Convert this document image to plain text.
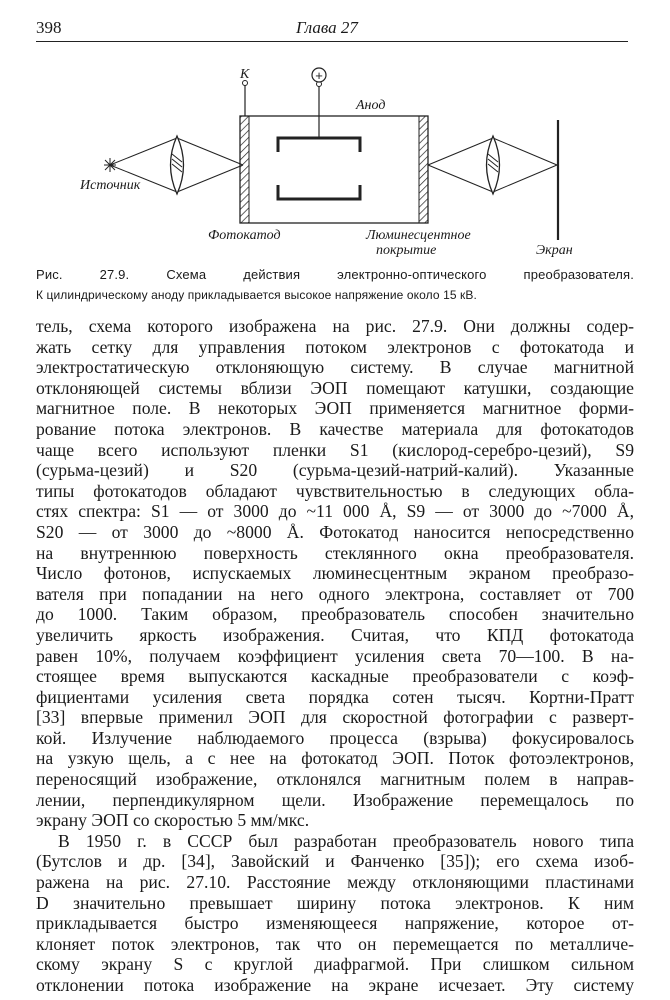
398	Глава 27
+
К
Анод
Источник
Фотокатод	Люминесцентное
покрытие	Экран
Рис. 27.9. Схема действия электронно-оптического преобразователя.
К цилиндрическому аноду прикладывается высокое напряжение около 15 кВ.
тель, схема которого изображена на рис. 27.9. Они должны содер-
жать сетку для управления потоком электронов с фотокатода и
электростатическую отклоняющую систему. В случае магнитной
отклоняющей системы вблизи ЭОП помещают катушки, создающие
магнитное поле. В некоторых ЭОП применяется магнитное форми-
рование потока электронов. В качестве материала для фотокатодов
чаще всего используют пленки S1 (кислород-серебро-цезий), S9
(сурьма-цезий) и S20 (сурьма-цезий-натрий-калий). Указанные
типы фотокатодов обладают чувствительностью в следующих обла-
стях спектра: S1 — от 3000 до ~11 000 Å, S9 — от 3000 до ~7000 Å,
S20 — от 3000 до ~8000 Å. Фотокатод наносится непосредственно
на внутреннюю поверхность стеклянного окна преобразователя.
Число фотонов, испускаемых люминесцентным экраном преобразо-
вателя при попадании на него одного электрона, составляет от 700
до 1000. Таким образом, преобразователь способен значительно
увеличить яркость изображения. Считая, что КПД фотокатода
равен 10%, получаем коэффициент усиления света 70—100. В на-
стоящее время выпускаются каскадные преобразователи с коэф-
фициентами усиления света порядка сотен тысяч. Кортни-Пратт
[33] впервые применил ЭОП для скоростной фотографии с разверт-
кой. Излучение наблюдаемого процесса (взрыва) фокусировалось
на узкую щель, а с нее на фотокатод ЭОП. Поток фотоэлектронов,
переносящий изображение, отклонялся магнитным полем в направ-
лении, перпендикулярном щели. Изображение перемещалось по
экрану ЭОП со скоростью 5 мм/мкс.
В 1950 г. в СССР был разработан преобразователь нового типа
(Бутслов и др. [34], Завойский и Фанченко [35]); его схема изоб-
ражена на рис. 27.10. Расстояние между отклоняющими пластинами
D значительно превышает ширину потока электронов. К ним
прикладывается быстро изменяющееся напряжение, которое от-
клоняет поток электронов, так что он перемещается по металличе-
скому экрану S с круглой диафрагмой. При слишком сильном
отклонении потока изображение на экране исчезает. Эту систему
